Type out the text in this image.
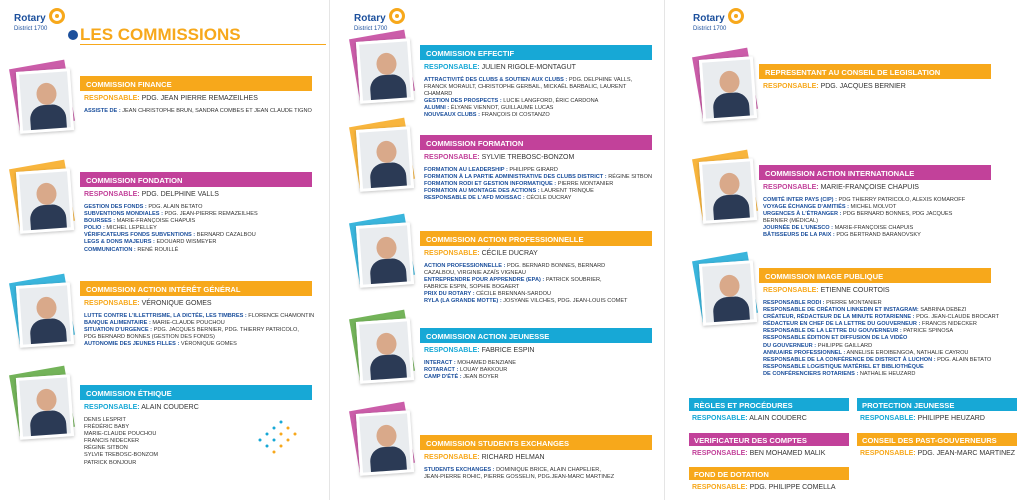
Rotary
District 1700 LES COMMISSIONS
COMMISSION FINANCE
RESPONSABLE: PDG. JEAN PIERRE REMAZEILHES
ASSISTE DE : JEAN CHRISTOPHE BRUN, SANDRA COMBES ET JEAN CLAUDE TIGNO
COMMISSION FONDATION
RESPONSABLE: PDG. DELPHINE VALLS
GESTION DES FONDS : PDG. ALAIN BETATO
SUBVENTIONS MONDIALES : PDG. JEAN-PIERRE REMAZEILHES
BOURSES : MARIE-FRANÇOISE CHAPUIS
POLIO : MICHEL LEPELLEY
VÉRIFICATEURS FONDS SUBVENTIONS : BERNARD CAZALBOU
LEGS & DONS MAJEURS : EDOUARD WISMEYER
COMMUNICATION : RENÉ ROUILLÉ
COMMISSION ACTION INTÉRÊT GÉNÉRAL
RESPONSABLE: VÉRONIQUE GOMES
LUTTE CONTRE L'ILLETTRISME, LA DICTÉE, LES TIMBRES : FLORENCE CHAMONTIN
BANQUE ALIMENTAIRE : MARIE-CLAUDE POUCHOU
SITUATION D'URGENCE : PDG. JACQUES BERNIER, PDG. THIERRY PATRICOLO,
PDG BERNARD BONNES (GESTION DES FONDS)
AUTONOMIE DES JEUNES FILLES : VÉRONIQUE GOMES
COMMISSION ÉTHIQUE
RESPONSABLE: ALAIN COUDERC
DENIS LESPRIT
FRÉDÉRIC BABY
MARIE-CLAUDE POUCHOU
FRANCIS NIDECKER
RÉGINE SITBON
SYLVIE TREBOSC-BONZOM
PATRICK BONJOUR
Rotary
District 1700
COMMISSION EFFECTIF
RESPONSABLE: JULIEN RIGOLE-MONTAGUT
ATTRACTIVITÉ DES CLUBS & SOUTIEN AUX CLUBS : PDG. DELPHINE VALLS,
FRANCK MORAULT, CHRISTOPHE GERBAIL, MICKAËL BARBALIC, LAURENT
CHAMARD
GESTION DES PROSPECTS : LUCIE LANGFORD, ÉRIC CARDONA
ALUMNI : ÉLYANE VIENNOT, GUILLAUME LUCAS
NOUVEAUX CLUBS : FRANÇOIS DI COSTANZO
COMMISSION FORMATION
RESPONSABLE: SYLVIE TREBOSC-BONZOM
FORMATION AU LEADERSHIP : PHILIPPE GIRARD
FORMATION À LA PARTIE ADMINISTRATIVE DES CLUBS DISTRICT : RÉGINE SITBON
FORMATION RODI ET GESTION INFORMATIQUE : PIERRE MONTANIER
FORMATION AU MONTAGE DES ACTIONS : LAURENT TRINQUE
RESPONSABLE DE L'AFD MOISSAC : CÉCILE DUCRAY
COMMISSION ACTION PROFESSIONNELLE
RESPONSABLE: CÉCILE DUCRAY
ACTION PROFESSIONNELLE : PDG. BERNARD BONNES, BERNARD
CAZALBOU, VIRGINIE AZAÏS VIGNEAU
ENTREPRENDRE POUR APPRENDRE (EPA) : PATRICK SOUBRIER,
FABRICE ESPIN, SOPHIE BOGAERT
PRIX DU ROTARY : CÉCILE BRENNAN-SARDOU
RYLA (LA GRANDE MOTTE) : JOSYANE VILCHES, PDG. JEAN-LOUIS COMET
COMMISSION ACTION JEUNESSE
RESPONSABLE: FABRICE ESPIN
INTERACT : MOHAMED BENZIANE
ROTARACT : LOUAY BAKKOUR
CAMP D'ÉTÉ : JEAN BOYER
COMMISSION STUDENTS EXCHANGES
RESPONSABLE: RICHARD HELMAN
STUDENTS EXCHANGES : DOMINIQUE BRICE, ALAIN CHAPELIER,
JEAN-PIERRE ROHIC, PIERRE GOSSELIN, PDG.JEAN-MARC MARTINEZ
Rotary
District 1700
REPRESENTANT AU CONSEIL DE LEGISLATION
RESPONSABLE: PDG. JACQUES BERNIER
COMMISSION ACTION INTERNATIONALE
RESPONSABLE: MARIE-FRANÇOISE CHAPUIS
COMITÉ INTER PAYS (CIP) : PDG THIERRY PATRICOLO, ALEXIS KOMAROFF
VOYAGE ÉCHANGE D'AMITIÉS : MICHEL MOLVOT
URGENCES À L'ÉTRANGER : PDG BERNARD BONNES, PDG JACQUES
BERNIER (MÉDICAL)
JOURNÉE DE L'UNESCO : MARIE-FRANÇOISE CHAPUIS
BÂTISSEURS DE LA PAIX : PDG BERTRAND BARANOVSKY
COMMISSION IMAGE PUBLIQUE
RESPONSABLE: ETIENNE COURTOIS
RESPONSABLE RODI : PIERRE MONTANIER
RESPONSABLE DE CRÉATION LINKEDIN ET INSTAGRAM: SABRINA DEBEZI
CRÉATEUR, RÉDACTEUR DE LA MINUTE ROTARIENNE : PDG. JEAN-CLAUDE BROCART
RÉDACTEUR EN CHEF DE LA LETTRE DU GOUVERNEUR : FRANCIS NIDECKER
RESPONSABLE DE LA LETTRE DU GOUVERNEUR : PATRICE SPINOSA
RESPONSABLE ÉDITION ET DIFFUSION DE LA VIDÉO
DU GOUVERNEUR : PHILIPPE GAILLARD
ANNUAIRE PROFESSIONNEL : ANNELISE EROIBENGOA, NATHALIE CAYROU
RESPONSABLE DE LA CONFÉRENCE DE DISTRICT À LUCHON : PDG. ALAIN BETATO
RESPONSABLE LOGISTIQUE MATÉRIEL ET BIBLIOTHÈQUE
DE CONFÉRENCIERS ROTARIENS : NATHALIE HEUZARD
RÈGLES ET PROCÉDURES
RESPONSABLE: ALAIN COUDERC
PROTECTION JEUNESSE
RESPONSABLE: PHILIPPE HEUZARD
VERIFICATEUR DES COMPTES
RESPONSABLE: BEN MOHAMED MALIK
CONSEIL DES PAST-GOUVERNEURS
RESPONSABLE: PDG. JEAN-MARC MARTINEZ
FOND DE DOTATION
RESPONSABLE: PDG. PHILIPPE COMELLA
